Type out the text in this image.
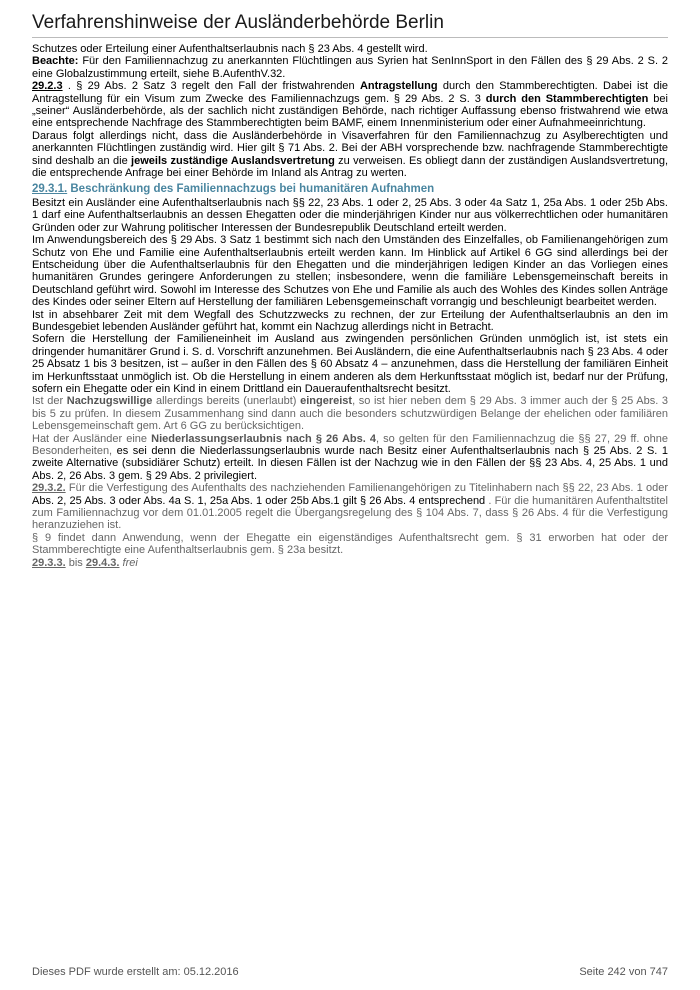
Verfahrenshinweise der Ausländerbehörde Berlin

Schutzes oder Erteilung einer Aufenthaltserlaubnis nach § 23 Abs. 4 gestellt wird.

Beachte: Für den Familiennachzug zu anerkannten Flüchtlingen aus Syrien hat SenInnSport in den Fällen des § 29 Abs. 2 S. 2 eine Globalzustimmung erteilt, siehe B.AufenthV.32.

29.2.3 . § 29 Abs. 2 Satz 3 regelt den Fall der fristwahrenden Antragstellung durch den Stammberechtigten. Dabei ist die Antragstellung für ein Visum zum Zwecke des Familiennachzugs gem. § 29 Abs. 2 S. 3 durch den Stammberechtigten bei „seiner“ Ausländerbehörde, als der sachlich nicht zuständigen Behörde, nach richtiger Auffassung ebenso fristwahrend wie etwa eine entsprechende Nachfrage des Stammberechtigten beim BAMF, einem Innenministerium oder einer Aufnahmeeinrichtung.

Daraus folgt allerdings nicht, dass die Ausländerbehörde in Visaverfahren für den Familiennachzug zu Asylberechtigten und anerkannten Flüchtlingen zuständig wird. Hier gilt § 71 Abs. 2. Bei der ABH vorsprechende bzw. nachfragende Stammberechtigte sind deshalb an die jeweils zuständige Auslandsvertretung zu verweisen. Es obliegt dann der zuständigen Auslandsvertretung, die entsprechende Anfrage bei einer Behörde im Inland als Antrag zu werten.

29.3.1. Beschränkung des Familiennachzugs bei humanitären Aufnahmen

Besitzt ein Ausländer eine Aufenthaltserlaubnis nach §§ 22, 23 Abs. 1 oder 2, 25 Abs. 3 oder 4a Satz 1, 25a Abs. 1 oder 25b Abs. 1 darf eine Aufenthaltserlaubnis an dessen Ehegatten oder die minderjährigen Kinder nur aus völkerrechtlichen oder humanitären Gründen oder zur Wahrung politischer Interessen der Bundesrepublik Deutschland erteilt werden.

Im Anwendungsbereich des § 29 Abs. 3 Satz 1 bestimmt sich nach den Umständen des Einzelfalles, ob Familienangehörigen zum Schutz von Ehe und Familie eine Aufenthaltserlaubnis erteilt werden kann. Im Hinblick auf Artikel 6 GG sind allerdings bei der Entscheidung über die Aufenthaltserlaubnis für den Ehegatten und die minderjährigen ledigen Kinder an das Vorliegen eines humanitären Grundes geringere Anforderungen zu stellen; insbesondere, wenn die familiäre Lebensgemeinschaft bereits in Deutschland geführt wird. Sowohl im Interesse des Schutzes von Ehe und Familie als auch des Wohles des Kindes sollen Anträge des Kindes oder seiner Eltern auf Herstellung der familiären Lebensgemeinschaft vorrangig und beschleunigt bearbeitet werden.

Ist in absehbarer Zeit mit dem Wegfall des Schutzzwecks zu rechnen, der zur Erteilung der Aufenthaltserlaubnis an den im Bundesgebiet lebenden Ausländer geführt hat, kommt ein Nachzug allerdings nicht in Betracht.

Sofern die Herstellung der Familieneinheit im Ausland aus zwingenden persönlichen Gründen unmöglich ist, ist stets ein dringender humanitärer Grund i. S. d. Vorschrift anzunehmen. Bei Ausländern, die eine Aufenthaltserlaubnis nach § 23 Abs. 4 oder 25 Absatz 1 bis 3 besitzen, ist – außer in den Fällen des § 60 Absatz 4 – anzunehmen, dass die Herstellung der familiären Einheit im Herkunftsstaat unmöglich ist. Ob die Herstellung in einem anderen als dem Herkunftsstaat möglich ist, bedarf nur der Prüfung, sofern ein Ehegatte oder ein Kind in einem Drittland ein Daueraufenthaltsrecht besitzt.

Ist der Nachzugswillige allerdings bereits (unerlaubt) eingereist, so ist hier neben dem § 29 Abs. 3 immer auch der § 25 Abs. 3 bis 5 zu prüfen. In diesem Zusammenhang sind dann auch die besonders schutzwürdigen Belange der ehelichen oder familiären Lebensgemeinschaft gem. Art 6 GG zu berücksichtigen.

Hat der Ausländer eine Niederlassungserlaubnis nach § 26 Abs. 4, so gelten für den Familiennachzug die §§ 27, 29 ff. ohne Besonderheiten, es sei denn die Niederlassungserlaubnis wurde nach Besitz einer Aufenthaltserlaubnis nach § 25 Abs. 2 S. 1 zweite Alternative (subsidiärer Schutz) erteilt. In diesen Fällen ist der Nachzug wie in den Fällen der §§ 23 Abs. 4, 25 Abs. 1 und Abs. 2, 26 Abs. 3 gem. § 29 Abs. 2 privilegiert.

29.3.2. Für die Verfestigung des Aufenthalts des nachziehenden Familienangehörigen zu Titelinhabern nach §§ 22, 23 Abs. 1 oder Abs. 2, 25 Abs. 3 oder Abs. 4a S. 1, 25a Abs. 1 oder 25b Abs.1 gilt § 26 Abs. 4 entsprechend . Für die humanitären Aufenthaltstitel zum Familiennachzug vor dem 01.01.2005 regelt die Übergangsregelung des § 104 Abs. 7, dass § 26 Abs. 4 für die Verfestigung heranzuziehen ist.

§ 9 findet dann Anwendung, wenn der Ehegatte ein eigenständiges Aufenthaltsrecht gem. § 31 erworben hat oder der Stammberechtigte eine Aufenthaltserlaubnis gem. § 23a besitzt.

29.3.3. bis 29.4.3. frei

Dieses PDF wurde erstellt am: 05.12.2016	Seite 242 von 747
